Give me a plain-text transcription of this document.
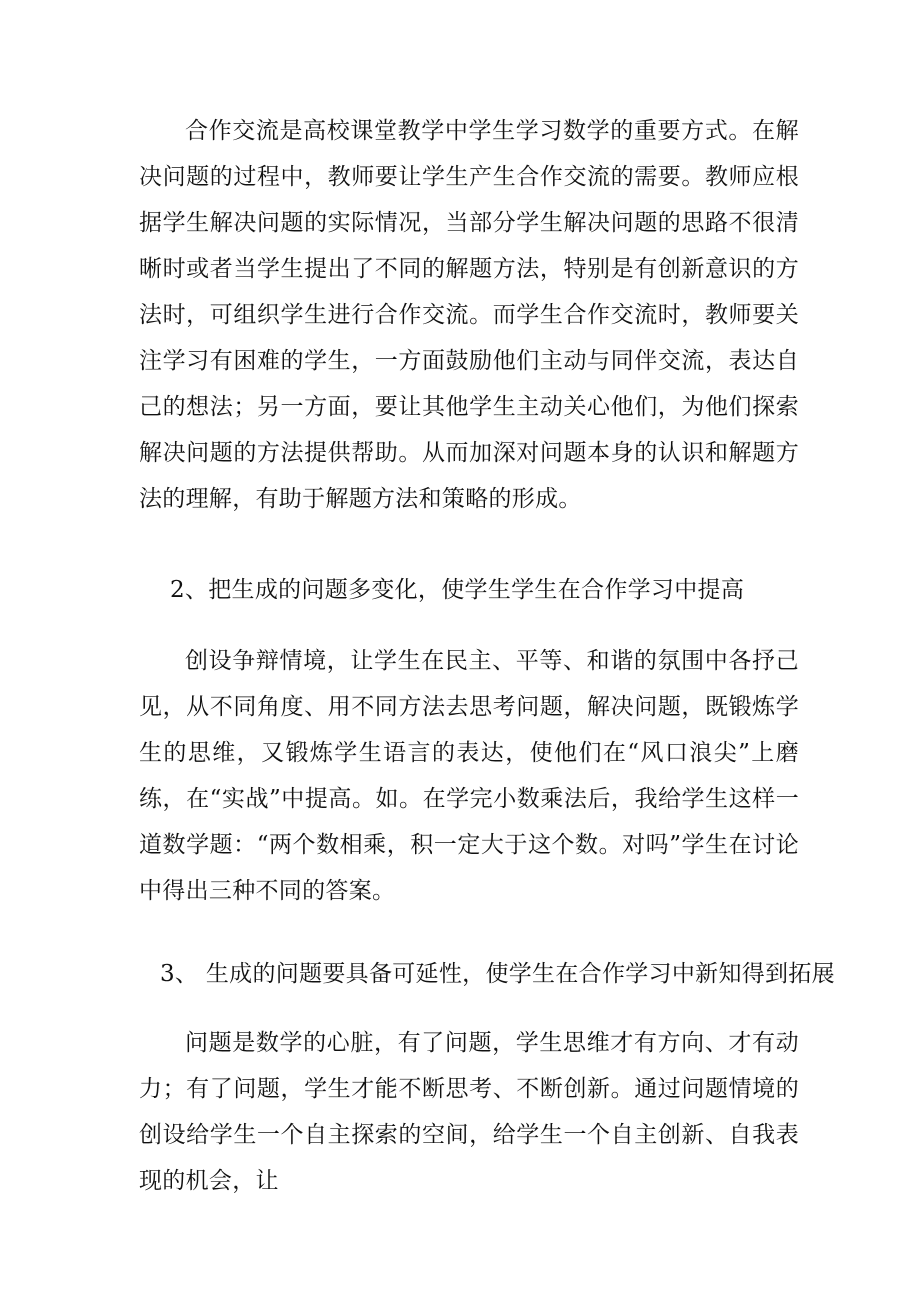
合作交流是高校课堂教学中学生学习数学的重要方式。在解决问题的过程中，教师要让学生产生合作交流的需要。教师应根据学生解决问题的实际情况，当部分学生解决问题的思路不很清晰时或者当学生提出了不同的解题方法，特别是有创新意识的方法时，可组织学生进行合作交流。而学生合作交流时，教师要关注学习有困难的学生，一方面鼓励他们主动与同伴交流，表达自己的想法；另一方面，要让其他学生主动关心他们，为他们探索解决问题的方法提供帮助。从而加深对问题本身的认识和解题方法的理解，有助于解题方法和策略的形成。

2、把生成的问题多变化，使学生学生在合作学习中提高

创设争辩情境，让学生在民主、平等、和谐的氛围中各抒己见，从不同角度、用不同方法去思考问题，解决问题，既锻炼学生的思维，又锻炼学生语言的表达，使他们在“风口浪尖”上磨练，在“实战”中提高。如。在学完小数乘法后，我给学生这样一道数学题：“两个数相乘，积一定大于这个数。对吗”学生在讨论中得出三种不同的答案。

3、 生成的问题要具备可延性，使学生在合作学习中新知得到拓展

问题是数学的心脏，有了问题，学生思维才有方向、才有动力；有了问题，学生才能不断思考、不断创新。通过问题情境的创设给学生一个自主探索的空间，给学生一个自主创新、自我表现的机会，让
